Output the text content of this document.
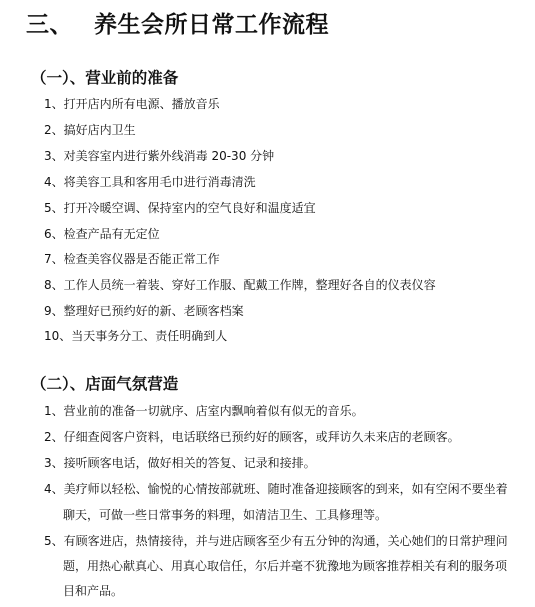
三、 养生会所日常工作流程
（一）、营业前的准备
1、打开店内所有电源、播放音乐
2、搞好店内卫生
3、对美容室内进行紫外线消毒 20-30 分钟
4、将美容工具和客用毛巾进行消毒清洗
5、打开冷暖空调、保持室内的空气良好和温度适宜
6、检查产品有无定位
7、检查美容仪器是否能正常工作
8、工作人员统一着装、穿好工作服、配戴工作牌，整理好各自的仪表仪容
9、整理好已预约好的新、老顾客档案
10、当天事务分工、责任明确到人
（二）、店面气氛营造
1、营业前的准备一切就序、店室内飘响着似有似无的音乐。
2、仔细查阅客户资料，电话联络已预约好的顾客，或拜访久未来店的老顾客。
3、接听顾客电话，做好相关的答复、记录和接排。
4、美疗师以轻松、愉悦的心情按部就班、随时准备迎接顾客的到来，如有空闲不要坐着
聊天，可做一些日常事务的料理，如清洁卫生、工具修理等。
5、有顾客进店，热情接待，并与进店顾客至少有五分钟的沟通，关心她们的日常护理问
题，用热心献真心、用真心取信任，尔后并毫不犹豫地为顾客推荐相关有利的服务项
目和产品。
